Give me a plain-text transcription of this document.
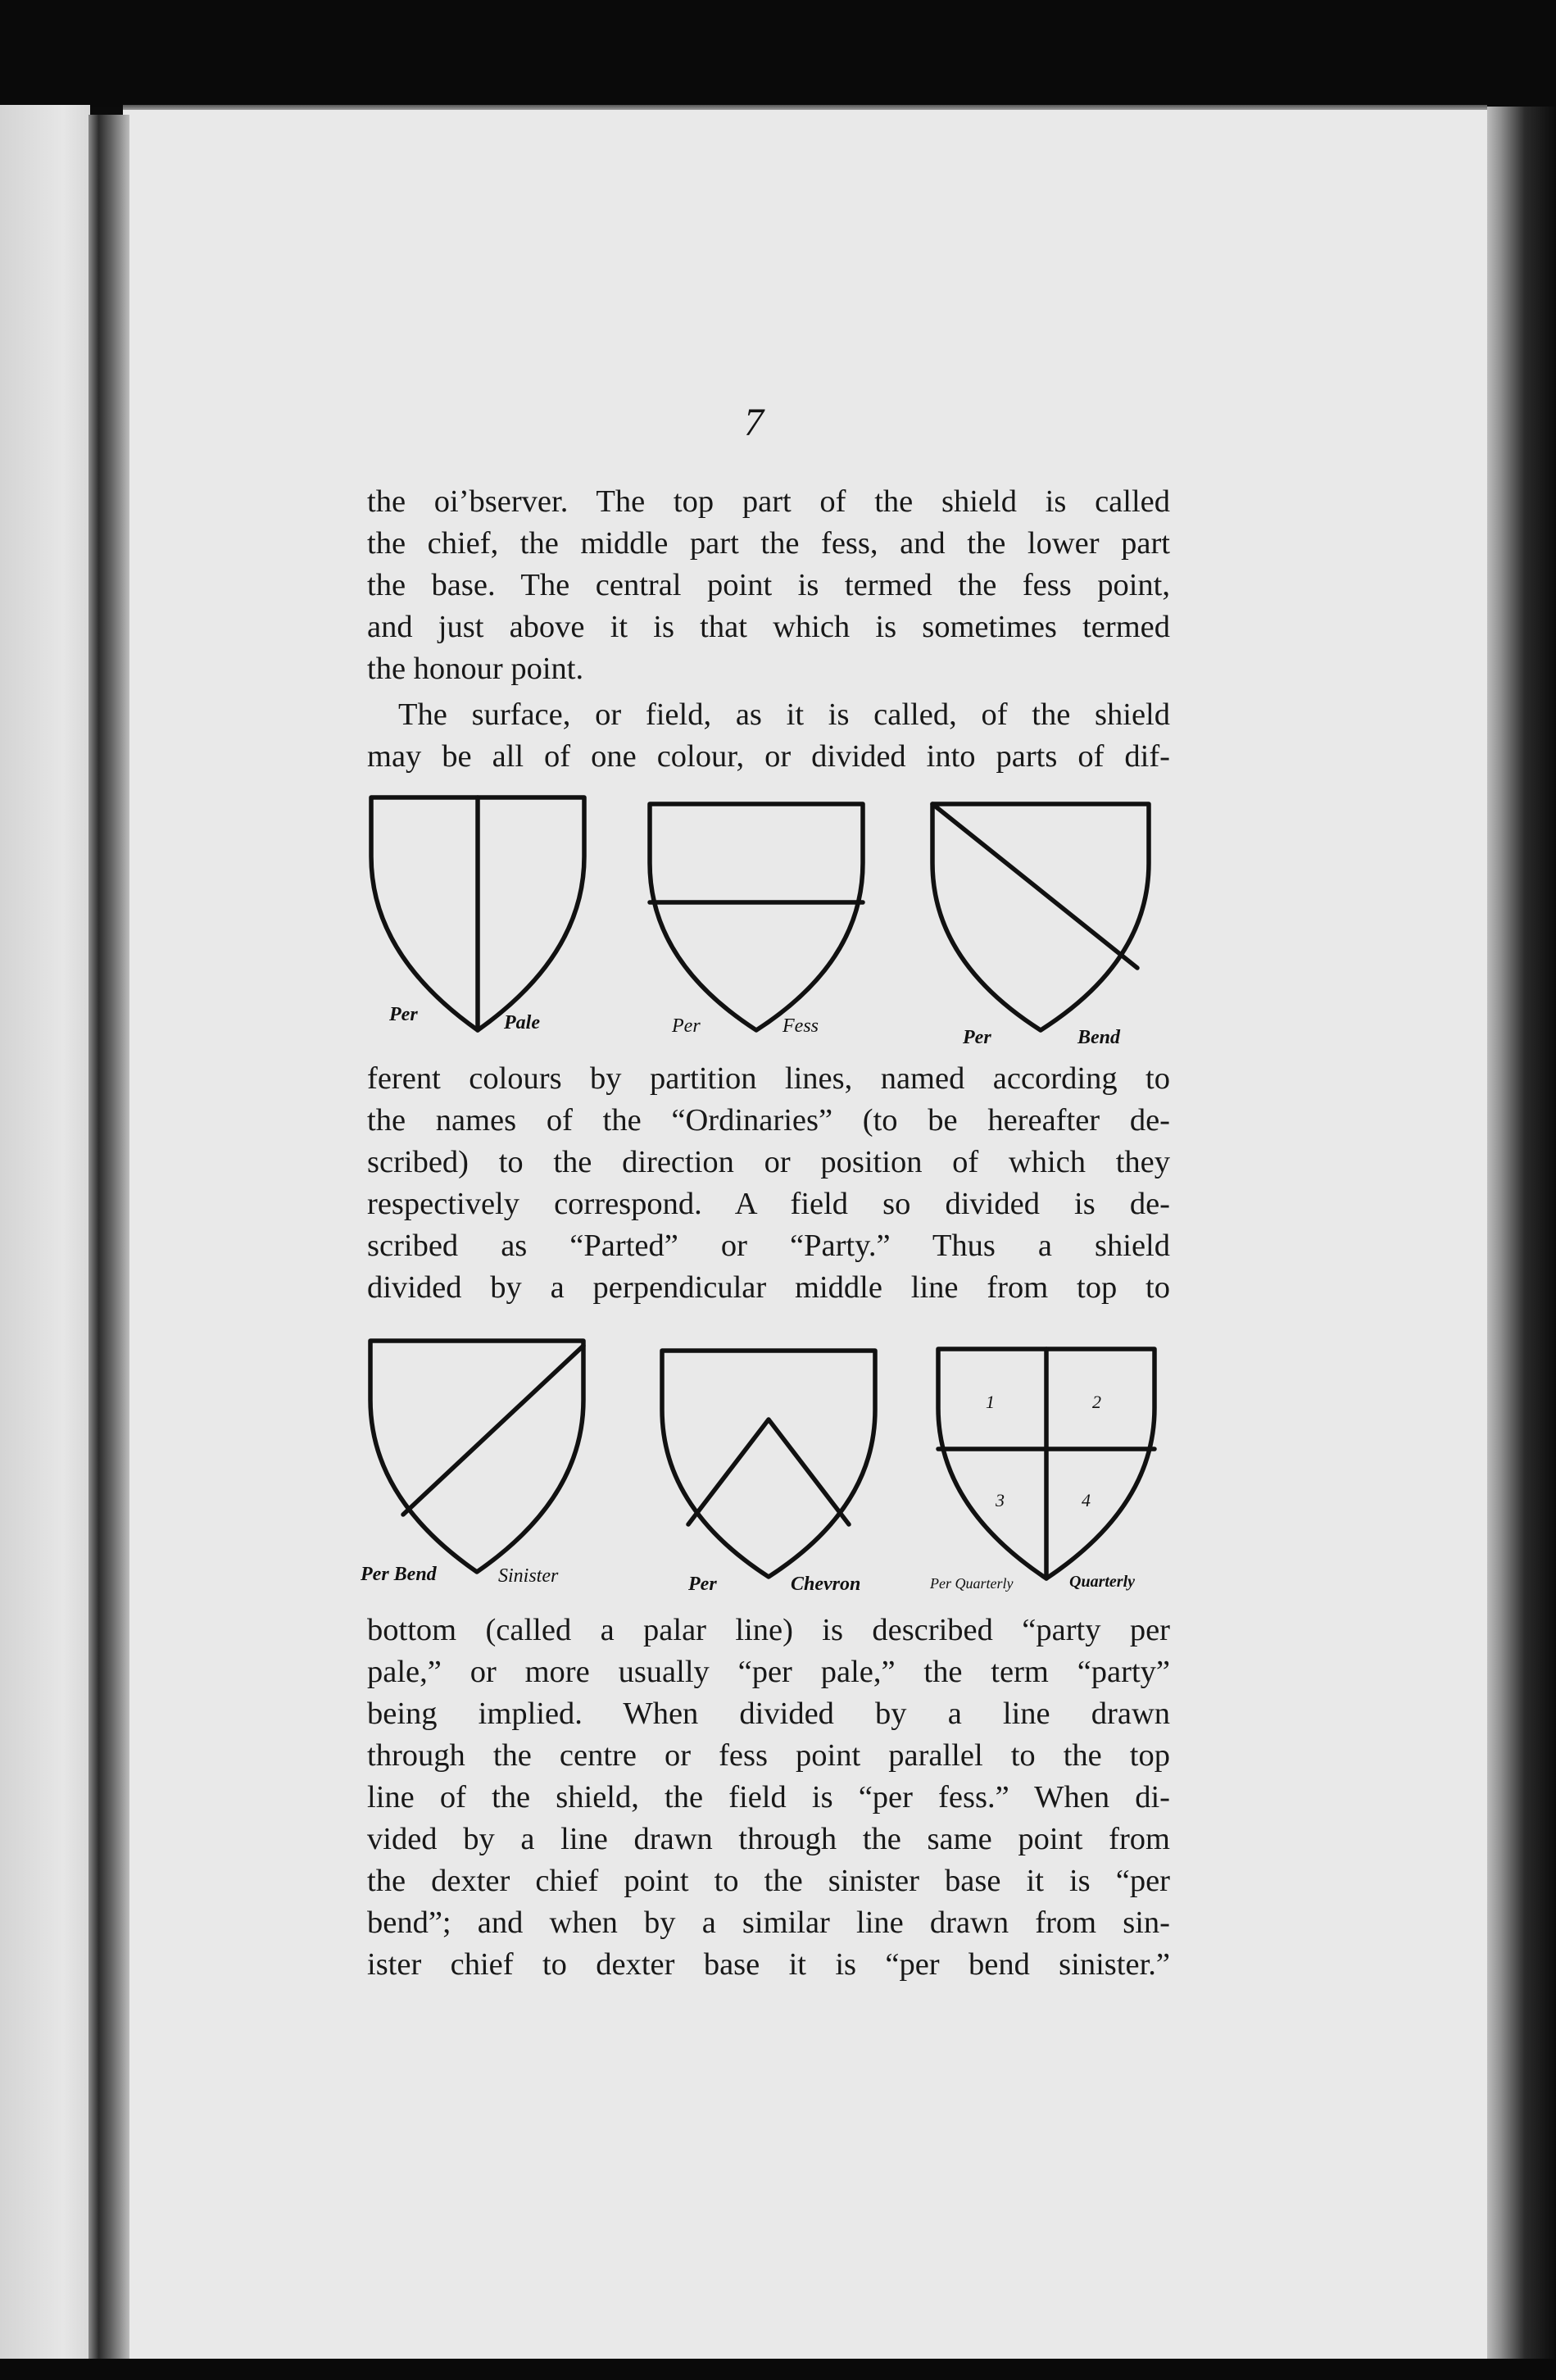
7
the oiʼbserver. The top part of the shield is called
the chief, the middle part the fess, and the lower part
the base. The central point is termed the fess point,
and just above it is that which is sometimes termed
the honour point.
The surface, or field, as it is called, of the shield
may be all of one colour, or divided into parts of dif-
Per	Pale	Per	Fess
Per	Bend
ferent colours by partition lines, named according to
the names of the “Ordinaries” (to be hereafter de-
scribed) to the direction or position of which they
respectively correspond. A field so divided is de-
scribed as “Parted” or “Party.” Thus a shield
divided by a perpendicular middle line from top to
Per Bend	Sinister	Per	Chevron
1	2
3	4
Per Quarterly	Quarterly
bottom (called a palar line) is described “party per
pale,” or more usually “per pale,” the term “party”
being implied. When divided by a line drawn
through the centre or fess point parallel to the top
line of the shield, the field is “per fess.” When di-
vided by a line drawn through the same point from
the dexter chief point to the sinister base it is “per
bend”; and when by a similar line drawn from sin-
ister chief to dexter base it is “per bend sinister.”
